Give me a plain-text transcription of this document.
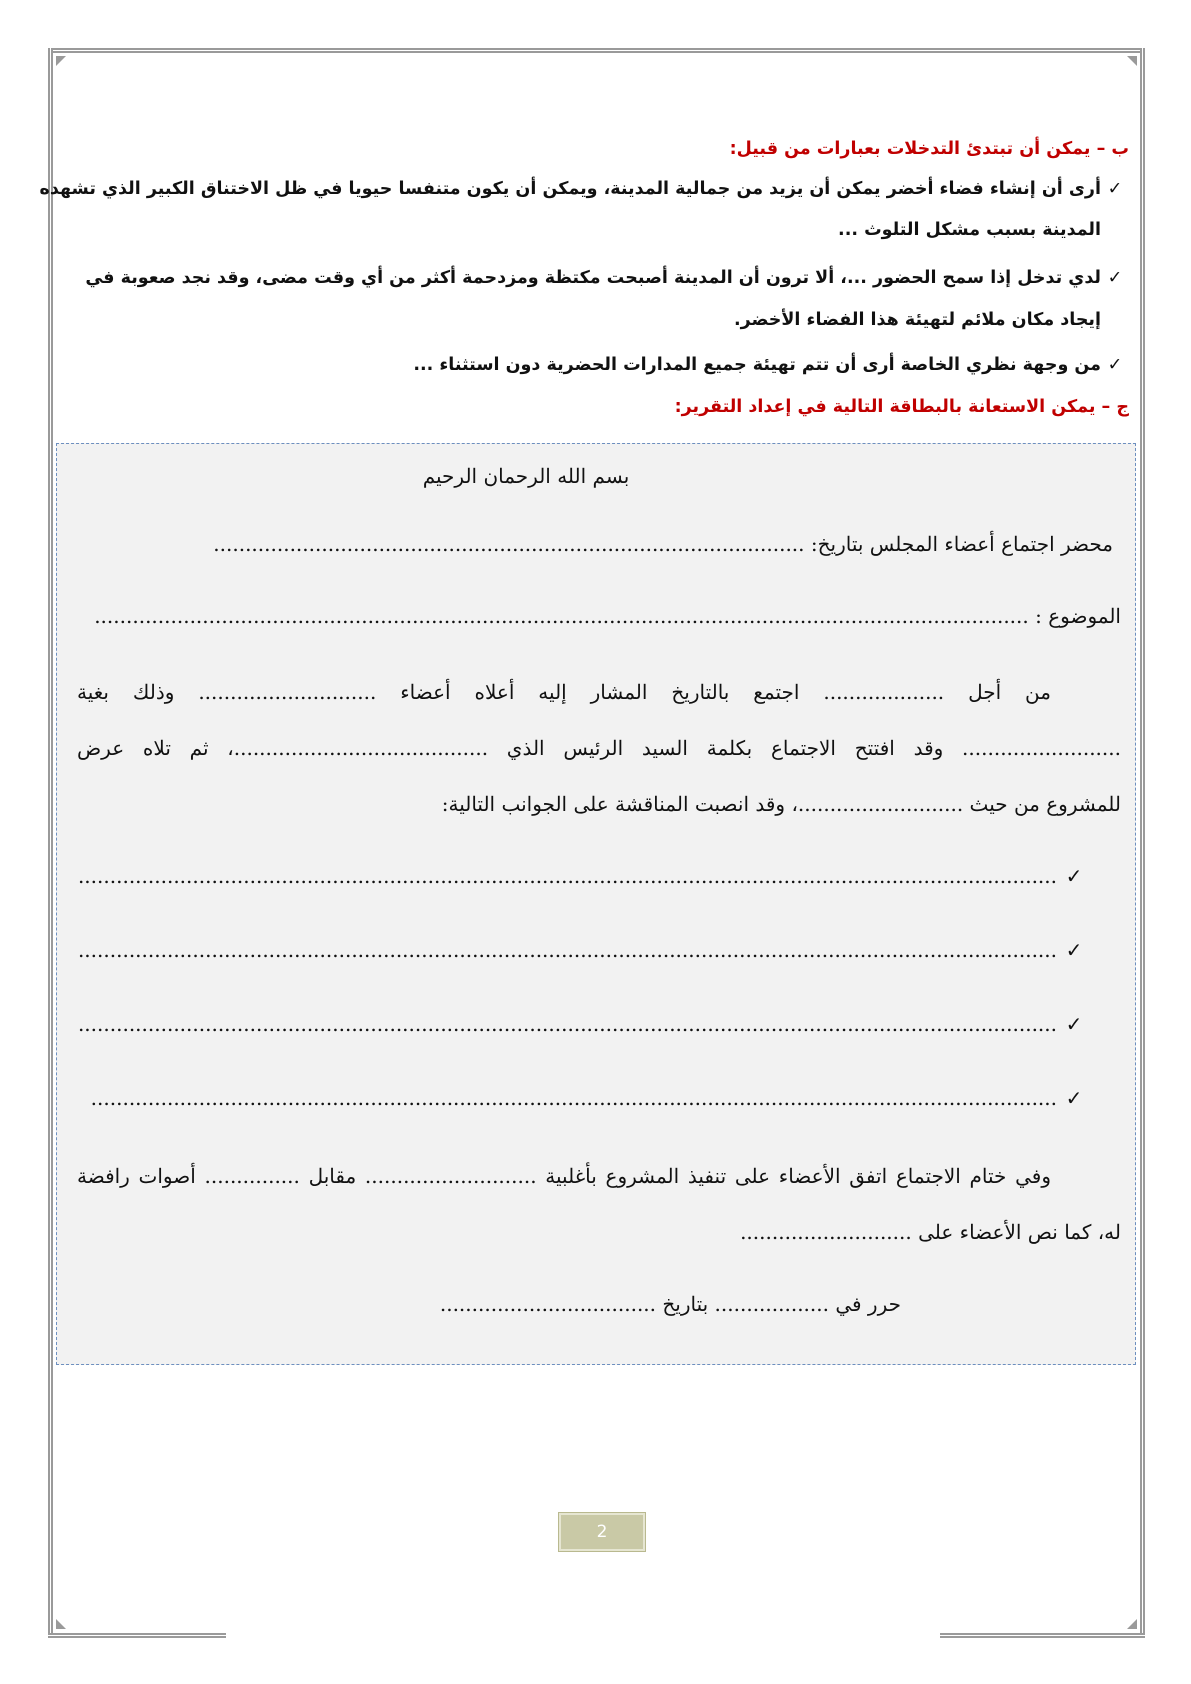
ب – يمكن أن تبتدئ التدخلات بعبارات من قبيل:
✓أرى أن إنشاء فضاء أخضر يمكن أن يزيد من جمالية المدينة، ويمكن أن يكون متنفسا حيويا في ظل الاختناق الكبير الذي تشهده
المدينة بسبب مشكل التلوث ...
✓لدي تدخل إذا سمح الحضور ...، ألا ترون أن المدينة أصبحت مكتظة ومزدحمة أكثر من أي وقت مضى، وقد نجد صعوبة في
إيجاد مكان ملائم لتهيئة هذا الفضاء الأخضر.
✓من وجهة نظري الخاصة أرى أن تتم تهيئة جميع المدارات الحضرية دون استثناء ...
ج – يمكن الاستعانة بالبطاقة التالية في إعداد التقرير:
بسم الله الرحمان الرحيم
محضر اجتماع أعضاء المجلس بتاريخ: .............................................................................................
الموضوع : ...................................................................................................................................................
من أجل ................... اجتمع بالتاريخ المشار إليه أعلاه أعضاء ............................ وذلك بغية
......................... وقد افتتح الاجتماع بكلمة السيد الرئيس الذي ........................................، ثم تلاه عرض
للمشروع من حيث ..........................، وقد انصبت المناقشة على الجوانب التالية:
✓..........................................................................................................................................................
✓..........................................................................................................................................................
✓..........................................................................................................................................................
✓........................................................................................................................................................
وفي ختام الاجتماع اتفق الأعضاء على تنفيذ المشروع بأغلبية ........................... مقابل ............... أصوات رافضة
له، كما نص الأعضاء على ...........................
حرر في .................. بتاريخ ..................................
2
